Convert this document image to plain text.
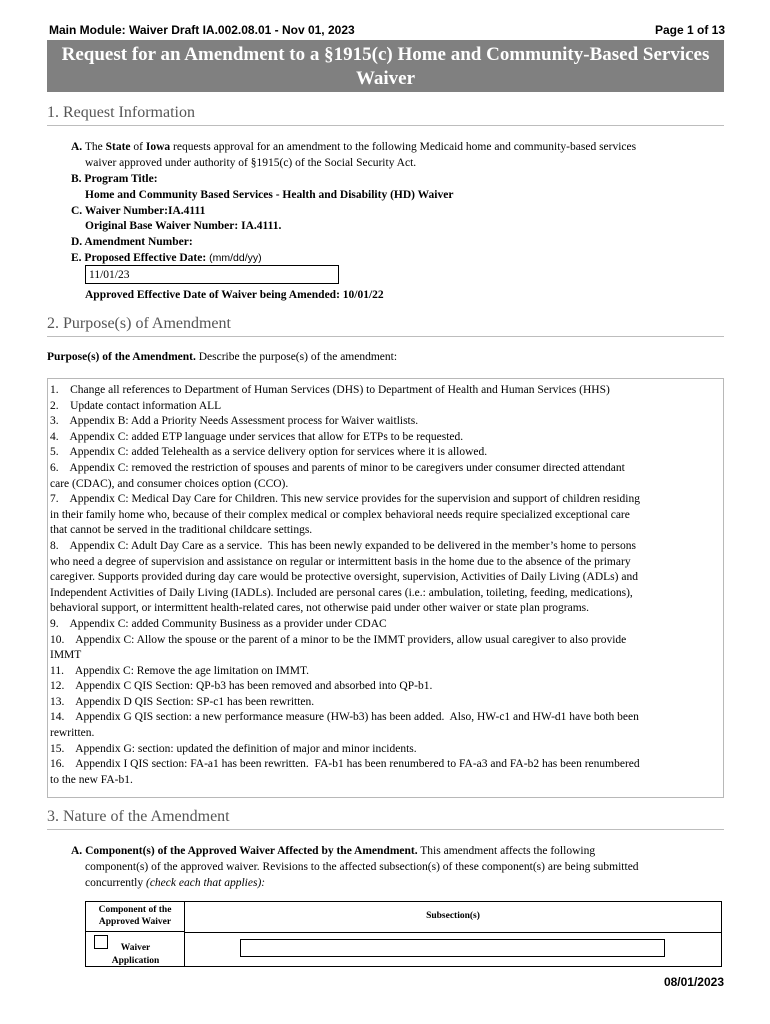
Main Module: Waiver Draft IA.002.08.01 - Nov 01, 2023	Page 1 of 13
Request for an Amendment to a §1915(c) Home and Community-Based Services
Waiver
1. Request Information
A. The State of Iowa requests approval for an amendment to the following Medicaid home and community-based services
waiver approved under authority of §1915(c) of the Social Security Act.
B. Program Title:
Home and Community Based Services - Health and Disability (HD) Waiver
C. Waiver Number:IA.4111
Original Base Waiver Number: IA.4111.
D. Amendment Number:
E. Proposed Effective Date: (mm/dd/yy)
11/01/23
Approved Effective Date of Waiver being Amended: 10/01/22
2. Purpose(s) of Amendment
Purpose(s) of the Amendment. Describe the purpose(s) of the amendment:
1.    Change all references to Department of Human Services (DHS) to Department of Health and Human Services (HHS)
2.    Update contact information ALL
3.    Appendix B: Add a Priority Needs Assessment process for Waiver waitlists.
4.    Appendix C: added ETP language under services that allow for ETPs to be requested.
5.    Appendix C: added Telehealth as a service delivery option for services where it is allowed.
6.    Appendix C: removed the restriction of spouses and parents of minor to be caregivers under consumer directed attendant
care (CDAC), and consumer choices option (CCO).
7.    Appendix C: Medical Day Care for Children. This new service provides for the supervision and support of children residing
in their family home who, because of their complex medical or complex behavioral needs require specialized exceptional care
that cannot be served in the traditional childcare settings.
8.    Appendix C: Adult Day Care as a service.  This has been newly expanded to be delivered in the member’s home to persons
who need a degree of supervision and assistance on regular or intermittent basis in the home due to the absence of the primary
caregiver. Supports provided during day care would be protective oversight, supervision, Activities of Daily Living (ADLs) and
Independent Activities of Daily Living (IADLs). Included are personal cares (i.e.: ambulation, toileting, feeding, medications),
behavioral support, or intermittent health-related cares, not otherwise paid under other waiver or state plan programs.
9.    Appendix C: added Community Business as a provider under CDAC
10.    Appendix C: Allow the spouse or the parent of a minor to be the IMMT providers, allow usual caregiver to also provide
IMMT
11.    Appendix C: Remove the age limitation on IMMT.
12.    Appendix C QIS Section: QP-b3 has been removed and absorbed into QP-b1.
13.    Appendix D QIS Section: SP-c1 has been rewritten.
14.    Appendix G QIS section: a new performance measure (HW-b3) has been added.  Also, HW-c1 and HW-d1 have both been
rewritten.
15.    Appendix G: section: updated the definition of major and minor incidents.
16.    Appendix I QIS section: FA-a1 has been rewritten.  FA-b1 has been renumbered to FA-a3 and FA-b2 has been renumbered
to the new FA-b1.
3. Nature of the Amendment
A. Component(s) of the Approved Waiver Affected by the Amendment. This amendment affects the following
component(s) of the approved waiver. Revisions to the affected subsection(s) of these component(s) are being submitted
concurrently (check each that applies):
Component of the
Approved Waiver
Subsection(s)
Waiver
Application
08/01/2023
